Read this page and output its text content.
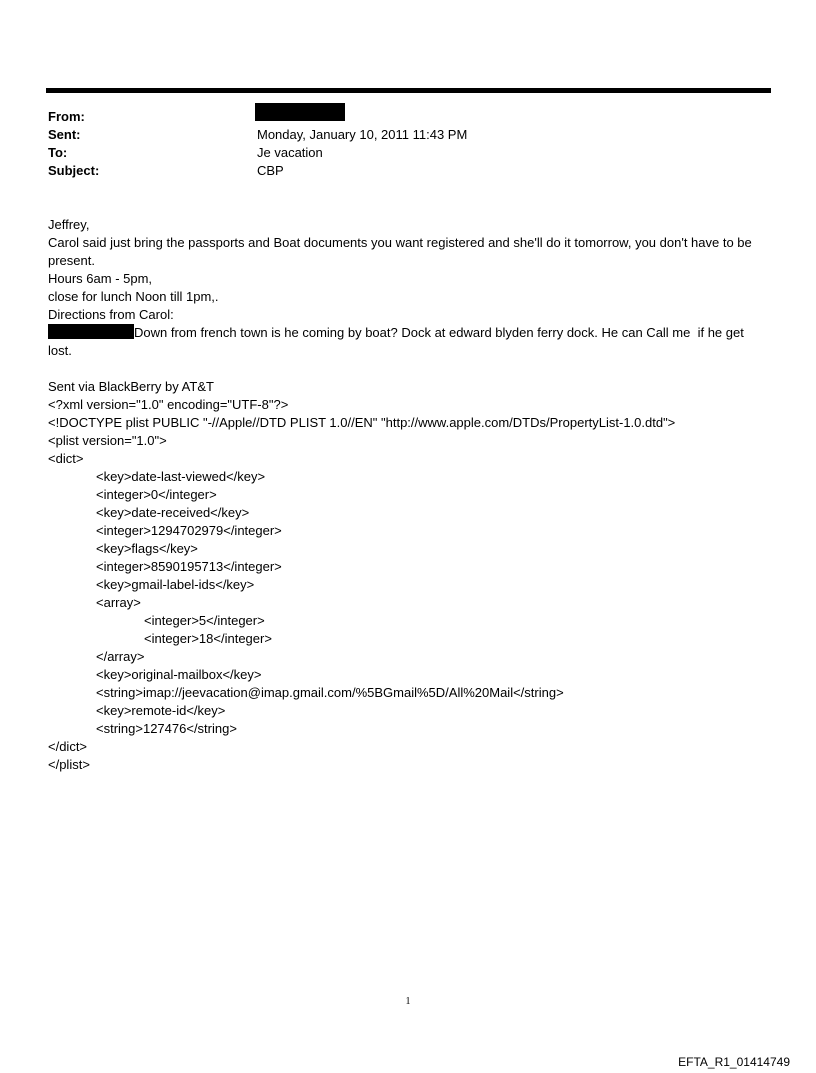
From:
Sent:
To:
Subject:
Monday, January 10, 2011 11:43 PM
Je vacation
CBP
Jeffrey,
Carol said just bring the passports and Boat documents you want registered and she'll do it tomorrow, you don't have to be present.
Hours 6am - 5pm,
close for lunch Noon till 1pm,.
Directions from Carol:
Down from french town is he coming by boat? Dock at edward blyden ferry dock. He can Call me  if he get
lost.

Sent via BlackBerry by AT&T
<?xml version="1.0" encoding="UTF-8"?>
<!DOCTYPE plist PUBLIC "-//Apple//DTD PLIST 1.0//EN" "http://www.apple.com/DTDs/PropertyList-1.0.dtd">
<plist version="1.0">
<dict>
<key>date-last-viewed</key>
<integer>0</integer>
<key>date-received</key>
<integer>1294702979</integer>
<key>flags</key>
<integer>8590195713</integer>
<key>gmail-label-ids</key>
<array>
<integer>5</integer>
<integer>18</integer>
</array>
<key>original-mailbox</key>
<string>imap://jeevacation@imap.gmail.com/%5BGmail%5D/All%20Mail</string>
<key>remote-id</key>
<string>127476</string>
</dict>
</plist>
1
EFTA_R1_01414749
